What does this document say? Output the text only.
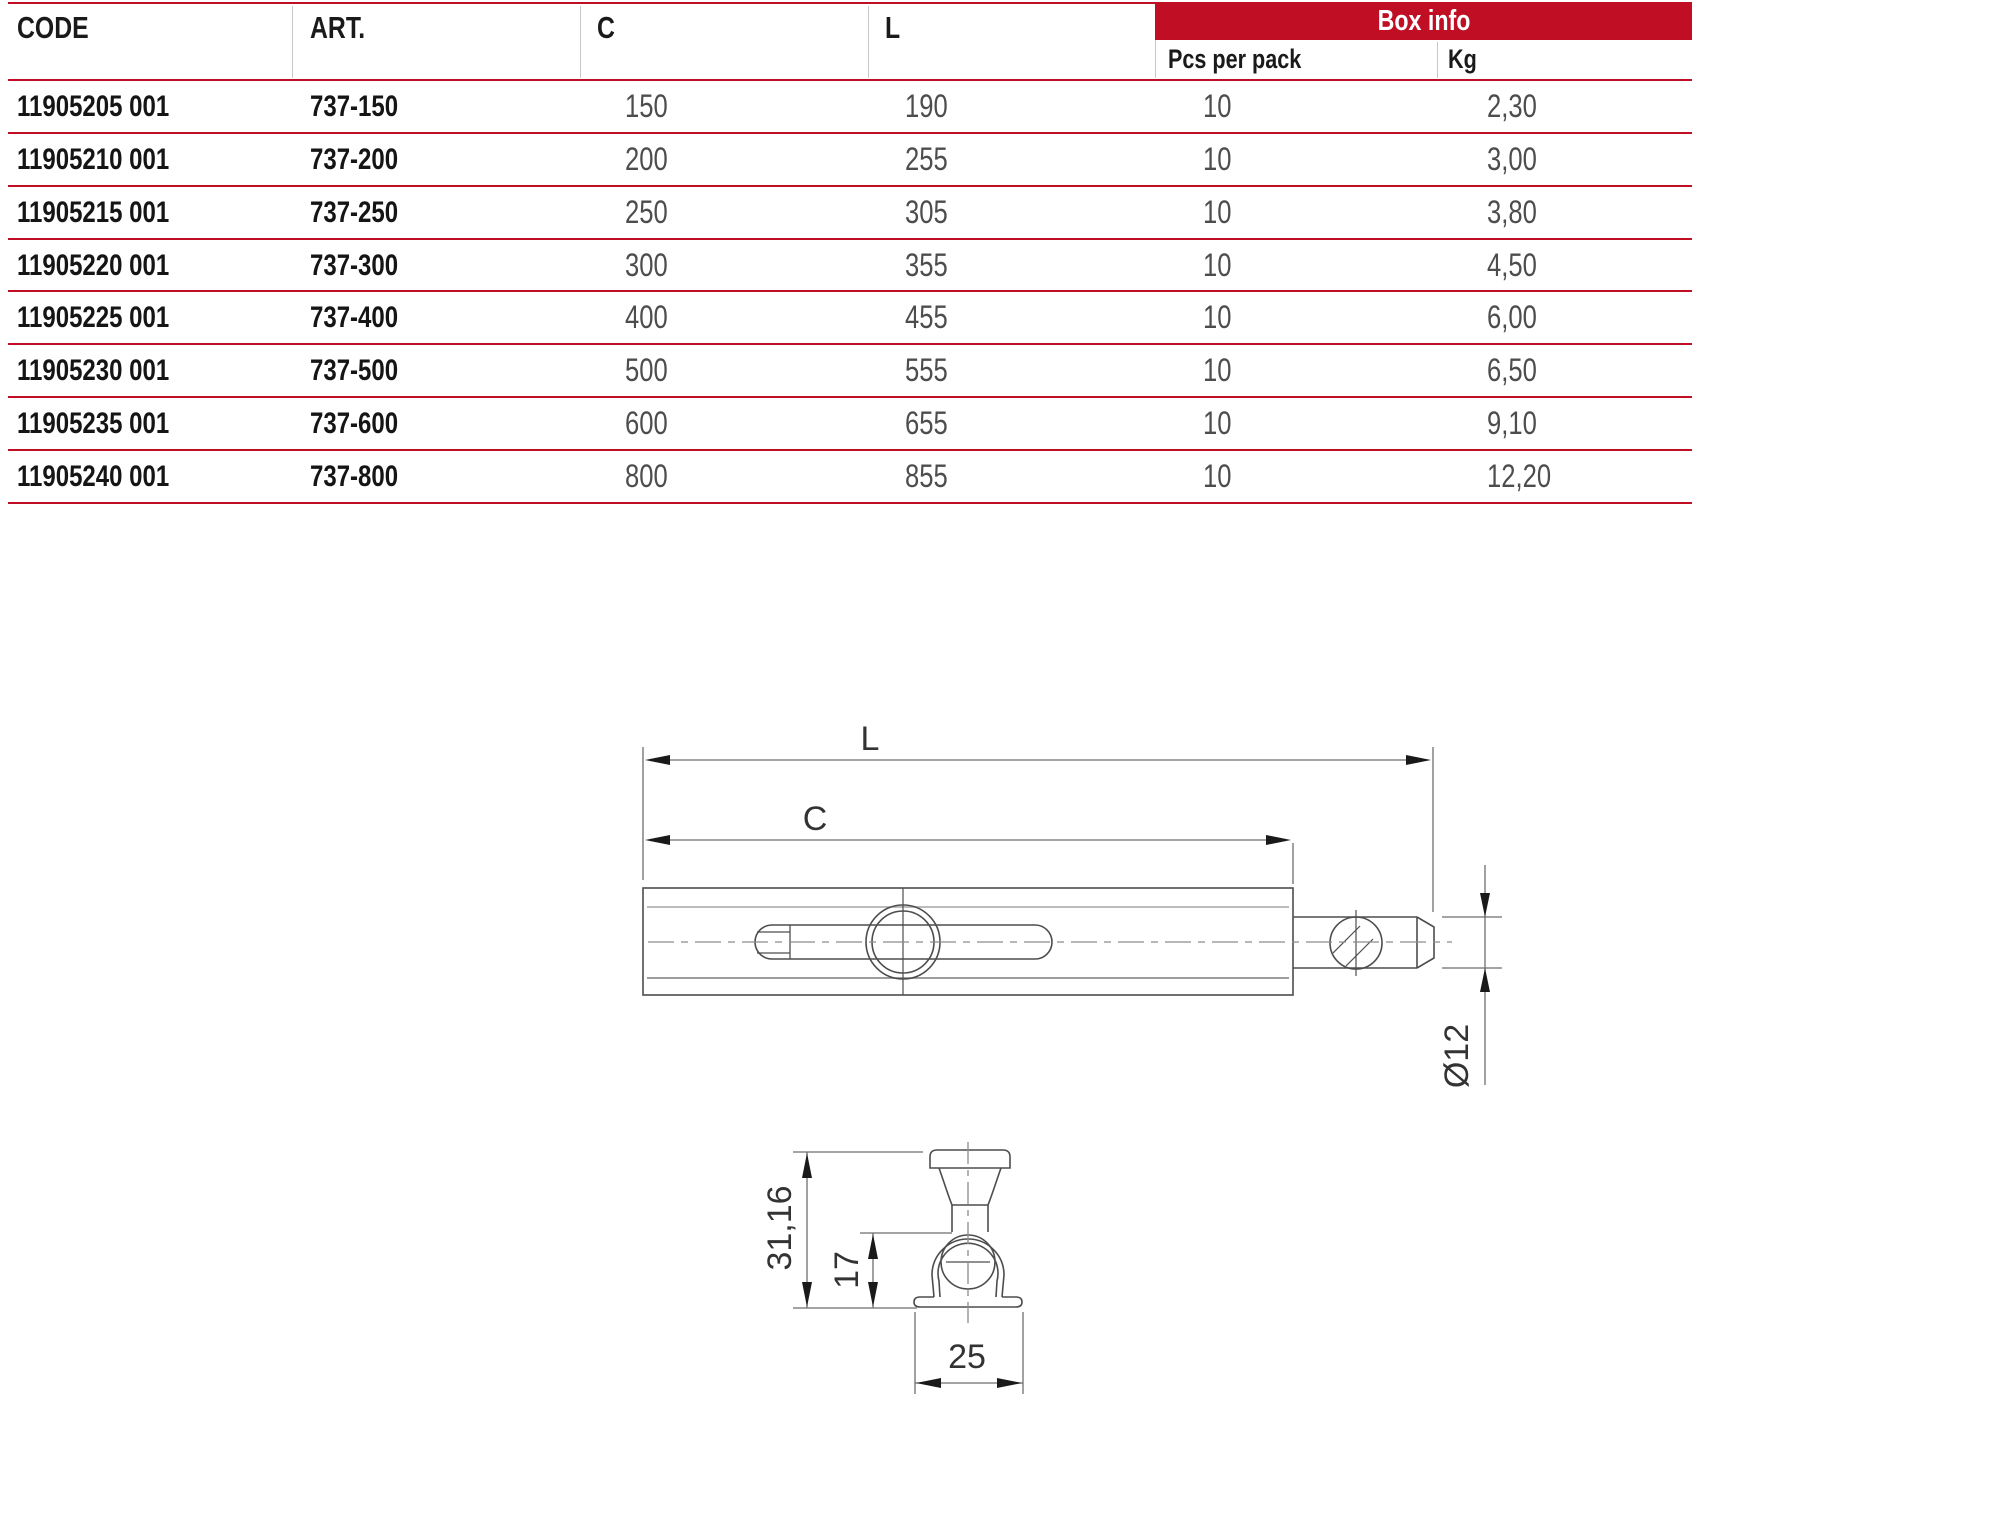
CODE	ART.	C	L	Box info
Pcs per pack	Kg
11905205 001	737-150	150	190	10	2,30
11905210 001	737-200	200	255	10	3,00
11905215 001	737-250	250	305	10	3,80
11905220 001	737-300	300	355	10	4,50
11905225 001	737-400	400	455	10	6,00
11905230 001	737-500	500	555	10	6,50
11905235 001	737-600	600	655	10	9,10
11905240 001	737-800	800	855	10	12,20
L
C
Ø12
31,16 17
25
